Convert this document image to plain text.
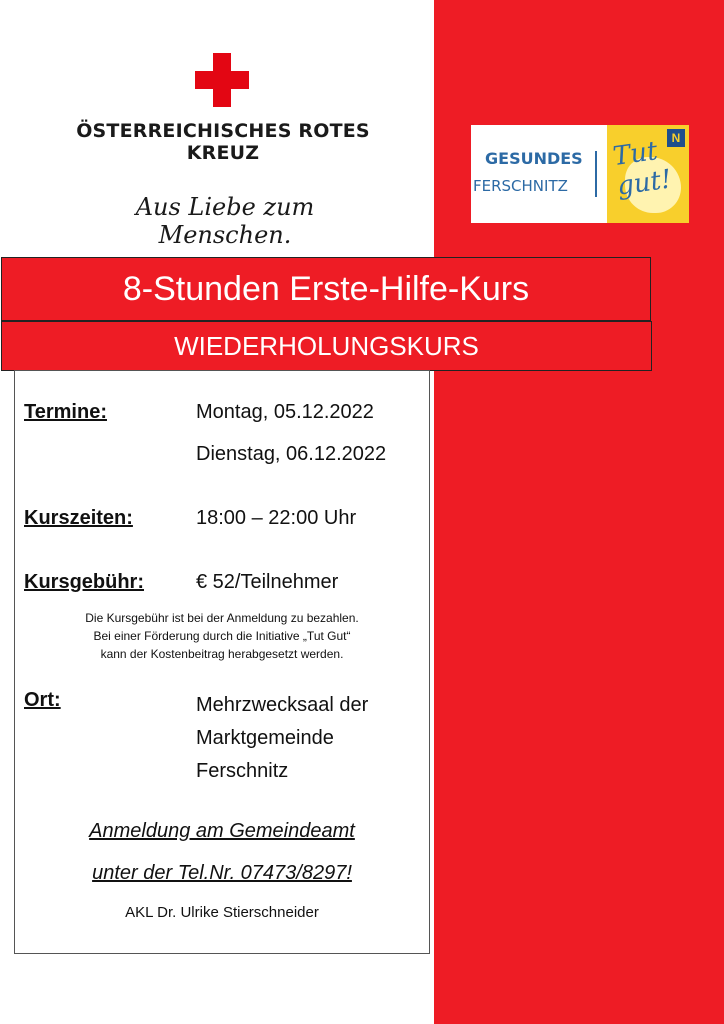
ÖSTERREICHISCHES ROTES KREUZ
Aus Liebe zum Menschen.
GESUNDES
FERSCHNITZ
N
Tut gut!
8-Stunden Erste-Hilfe-Kurs
WIEDERHOLUNGSKURS
Termine:	Montag, 05.12.2022
Dienstag, 06.12.2022
Kurszeiten:	18:00 – 22:00 Uhr
Kursgebühr:	€ 52/Teilnehmer
Die Kursgebühr ist bei der Anmeldung zu bezahlen.
Bei einer Förderung durch die Initiative „Tut Gut“
kann der Kostenbeitrag herabgesetzt werden.
Ort:	Mehrzwecksaal der
Marktgemeinde
Ferschnitz
Anmeldung am Gemeindeamt
unter der Tel.Nr. 07473/8297!
AKL Dr. Ulrike Stierschneider
